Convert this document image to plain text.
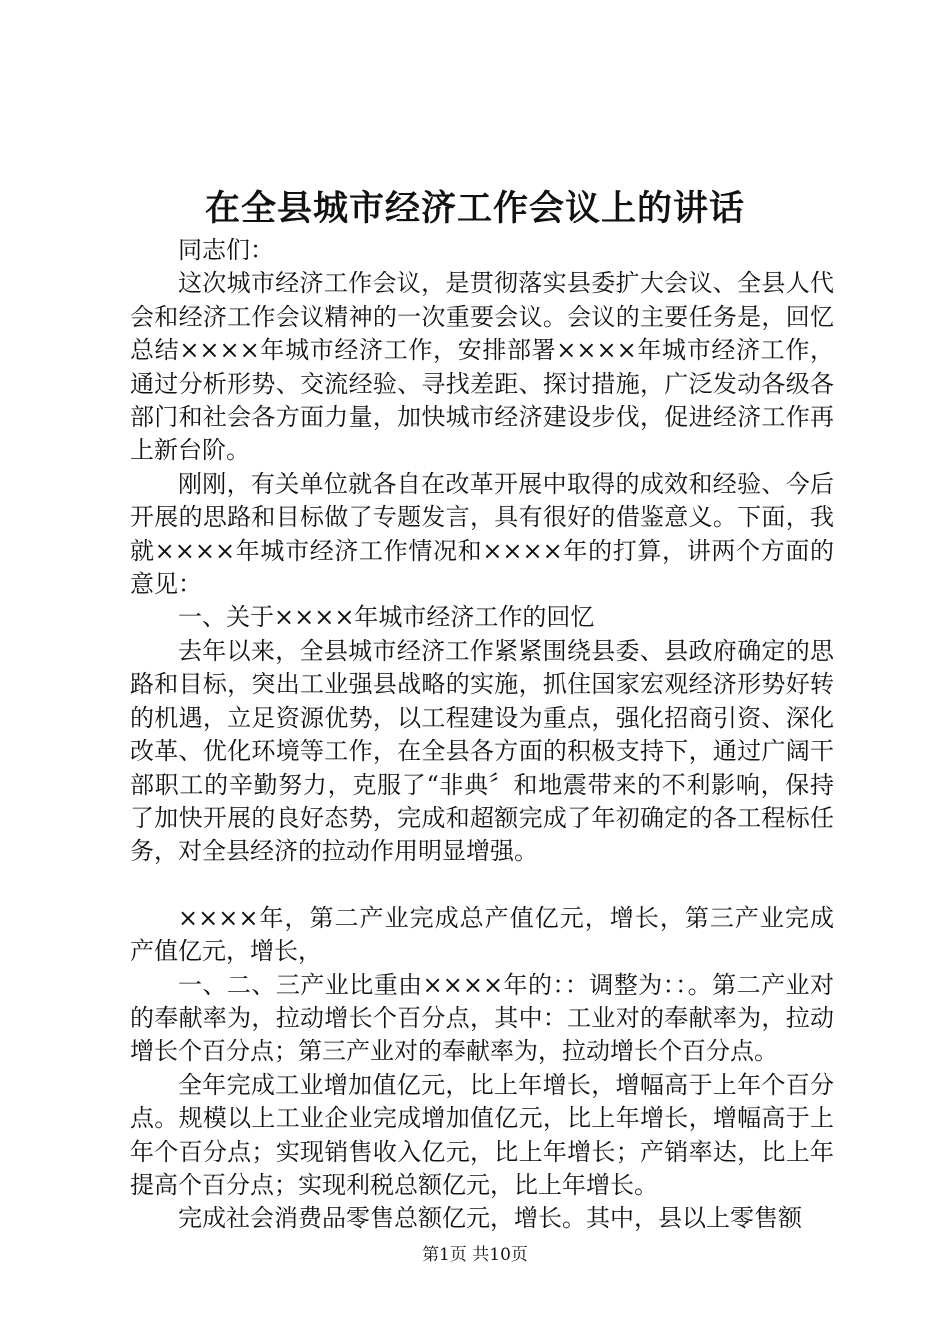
在全县城市经济工作会议上的讲话

同志们：

这次城市经济工作会议，是贯彻落实县委扩大会议、全县人代会和经济工作会议精神的一次重要会议。会议的主要任务是，回忆总结××××年城市经济工作，安排部署××××年城市经济工作，通过分析形势、交流经验、寻找差距、探讨措施，广泛发动各级各部门和社会各方面力量，加快城市经济建设步伐，促进经济工作再上新台阶。

刚刚，有关单位就各自在改革开展中取得的成效和经验、今后开展的思路和目标做了专题发言，具有很好的借鉴意义。下面，我就××××年城市经济工作情况和××××年的打算，讲两个方面的意见：

一、关于××××年城市经济工作的回忆

去年以来，全县城市经济工作紧紧围绕县委、县政府确定的思路和目标，突出工业强县战略的实施，抓住国家宏观经济形势好转的机遇，立足资源优势，以工程建设为重点，强化招商引资、深化改革、优化环境等工作，在全县各方面的积极支持下，通过广阔干部职工的辛勤努力，克服了“非典〞和地震带来的不利影响，保持了加快开展的良好态势，完成和超额完成了年初确定的各工程标任务，对全县经济的拉动作用明显增强。

××××年，第二产业完成总产值亿元，增长，第三产业完成产值亿元，增长，

一、二、三产业比重由××××年的：：调整为：：。第二产业对的奉献率为，拉动增长个百分点，其中：工业对的奉献率为，拉动增长个百分点；第三产业对的奉献率为，拉动增长个百分点。

全年完成工业增加值亿元，比上年增长，增幅高于上年个百分点。规模以上工业企业完成增加值亿元，比上年增长，增幅高于上年个百分点；实现销售收入亿元，比上年增长；产销率达，比上年提高个百分点；实现利税总额亿元，比上年增长。

完成社会消费品零售总额亿元，增长。其中，县以上零售额

第1页 共10页
